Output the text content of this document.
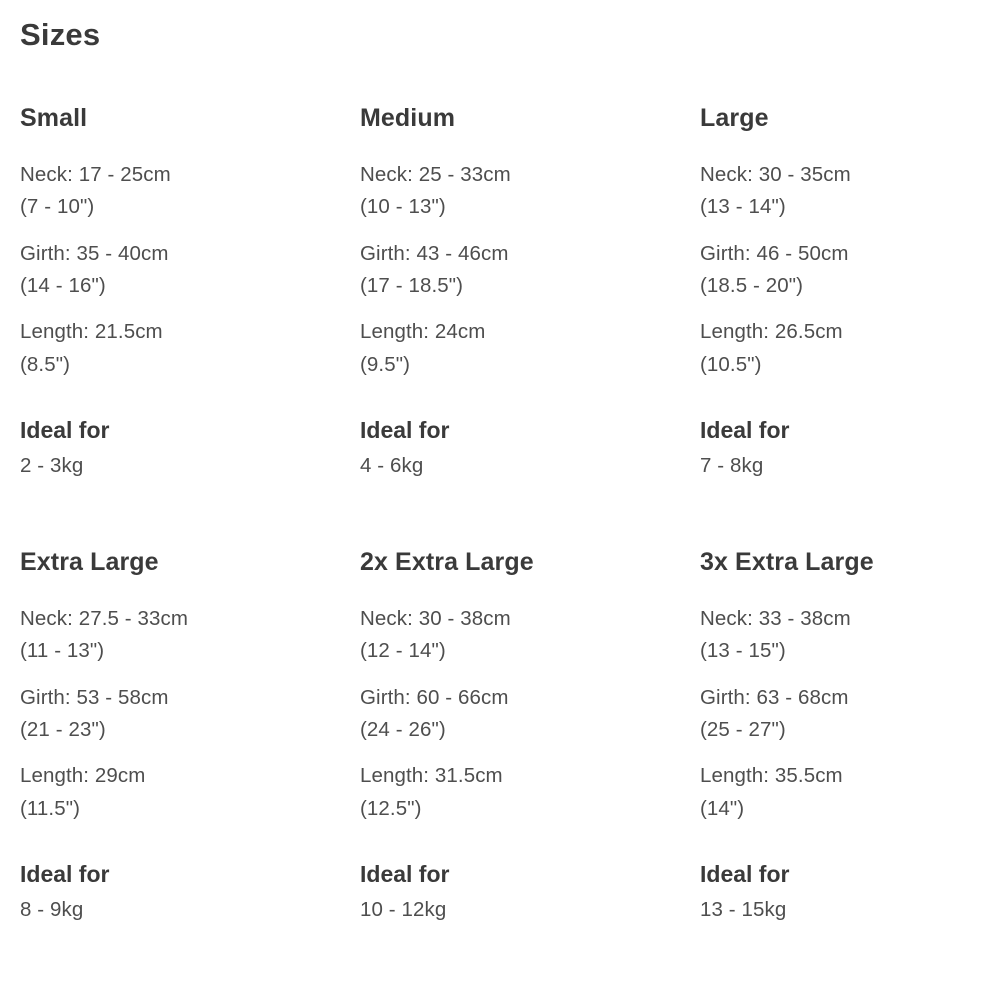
Sizes
Small
Neck: 17 - 25cm
(7 - 10")
Girth: 35 - 40cm
(14 - 16")
Length: 21.5cm
(8.5")
Ideal for
2 - 3kg
Medium
Neck: 25 - 33cm
(10 - 13")
Girth: 43 - 46cm
(17 - 18.5")
Length: 24cm
(9.5")
Ideal for
4 - 6kg
Large
Neck: 30 - 35cm
(13 - 14")
Girth: 46 - 50cm
(18.5 - 20")
Length: 26.5cm
(10.5")
Ideal for
7 - 8kg
Extra Large
Neck: 27.5 - 33cm
(11 - 13")
Girth: 53 - 58cm
(21 - 23")
Length: 29cm
(11.5")
Ideal for
8 - 9kg
2x Extra Large
Neck: 30 - 38cm
(12 - 14")
Girth: 60 - 66cm
(24 - 26")
Length: 31.5cm
(12.5")
Ideal for
10 - 12kg
3x Extra Large
Neck: 33 - 38cm
(13 - 15")
Girth: 63 - 68cm
(25 - 27")
Length: 35.5cm
(14")
Ideal for
13 - 15kg
